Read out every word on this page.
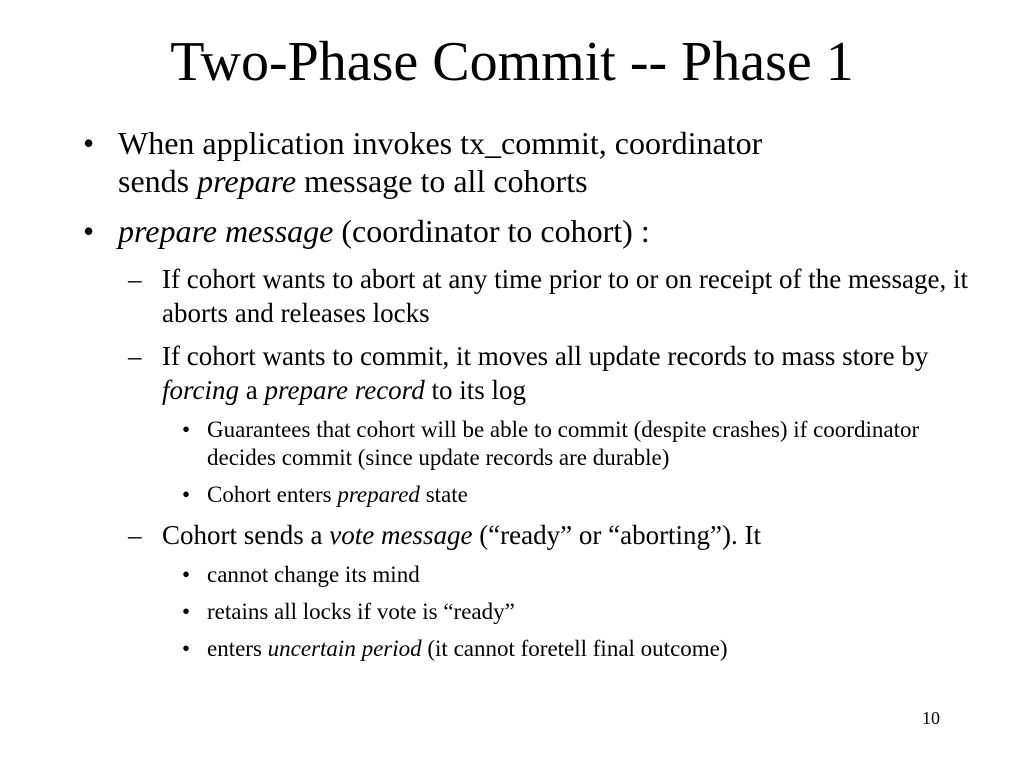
Two-Phase Commit -- Phase 1
• When application invokes tx_commit, coordinator
sends prepare message to all cohorts
• prepare message (coordinator to cohort) :
– If cohort wants to abort at any time prior to or on receipt of the message, it aborts and releases locks
– If cohort wants to commit, it moves all update records to mass store by forcing a prepare record to its log
• Guarantees that cohort will be able to commit (despite crashes) if coordinator decides commit (since update records are durable)
• Cohort enters prepared state
– Cohort sends a vote message (“ready” or “aborting”). It
• cannot change its mind
• retains all locks if vote is “ready”
• enters uncertain period (it cannot foretell final outcome)
10
